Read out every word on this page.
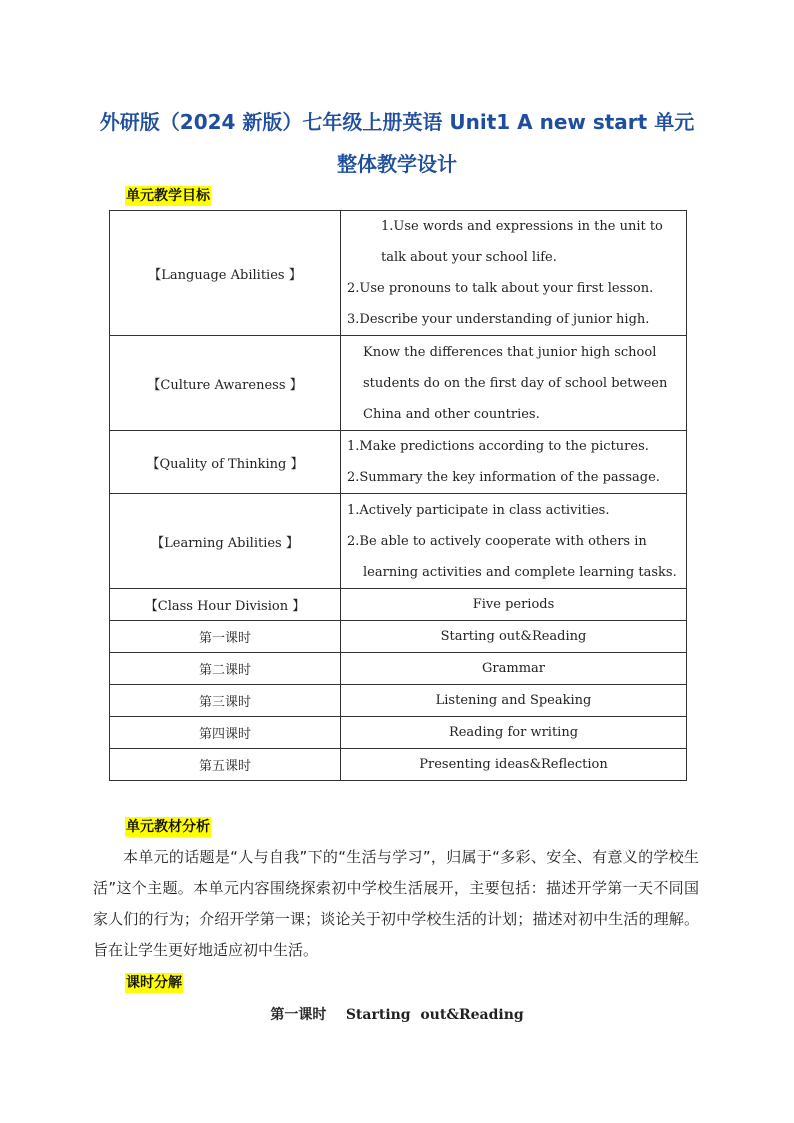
外研版（2024 新版）七年级上册英语 Unit1 A new start 单元
整体教学设计
单元教学目标
【Language Abilities 】	1.Use words and expressions in the unit to
talk about your school life.
2.Use pronouns to talk about your first lesson.
3.Describe your understanding of junior high.

【Culture Awareness 】	Know the differences that junior high school
students do on the first day of school between
China and other countries.

【Quality of Thinking 】	1.Make predictions according to the pictures.
2.Summary the key information of the passage.

【Learning Abilities 】	1.Actively participate in class activities.
2.Be able to actively cooperate with others in
learning activities and complete learning tasks.

【Class Hour Division 】	Five periods
第一课时	Starting out&Reading
第二课时	Grammar
第三课时	Listening and Speaking
第四课时	Reading for writing
第五课时	Presenting ideas&Reflection
单元教材分析
本单元的话题是“人与自我”下的“生活与学习”，归属于“多彩、安全、有意义的学校生活”这个主题。本单元内容围绕探索初中学校生活展开，主要包括：描述开学第一天不同国家人们的行为；介绍开学第一课；谈论关于初中学校生活的计划；描述对初中生活的理解。旨在让学生更好地适应初中生活。
课时分解
第一课时    Starting  out&Reading
